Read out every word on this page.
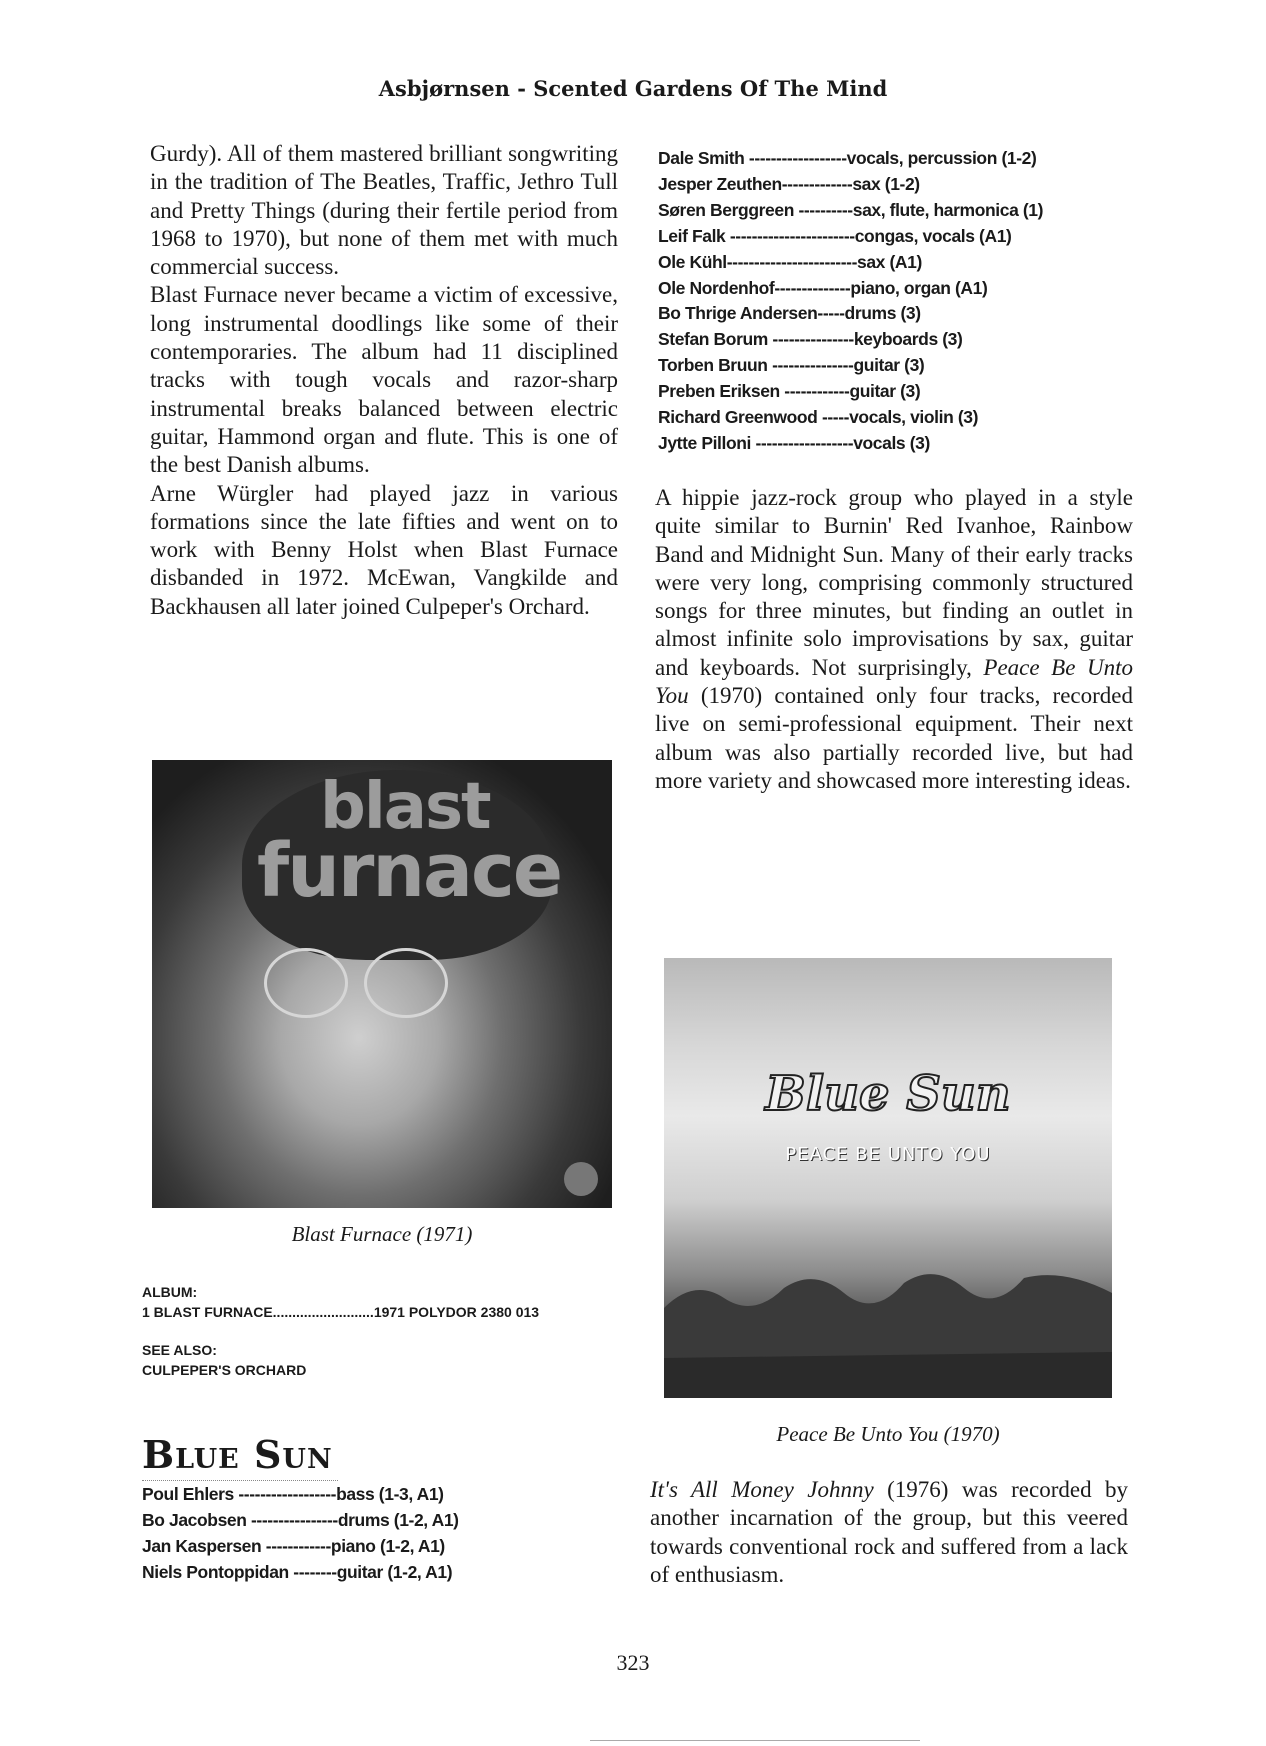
Asbjørnsen - Scented Gardens Of The Mind

Gurdy). All of them mastered brilliant songwriting in the tradition of The Beatles, Traffic, Jethro Tull and Pretty Things (during their fertile period from 1968 to 1970), but none of them met with much commercial success.

Blast Furnace never became a victim of excessive, long instrumental doodlings like some of their contemporaries. The album had 11 disciplined tracks with tough vocals and razor-sharp instrumental breaks balanced between electric guitar, Hammond organ and flute. This is one of the best Danish albums.

Arne Würgler had played jazz in various formations since the late fifties and went on to work with Benny Holst when Blast Furnace disbanded in 1972. McEwan, Vangkilde and Backhausen all later joined Culpeper's Orchard.

blast
furnace
Blast Furnace (1971)
ALBUM:
1 BLAST FURNACE..........................1971 POLYDOR 2380 013
SEE ALSO:
CULPEPER'S ORCHARD
Blue Sun
Poul Ehlers ------------------bass (1-3, A1)
Bo Jacobsen ----------------drums (1-2, A1)
Jan Kaspersen ------------piano (1-2, A1)
Niels Pontoppidan --------guitar (1-2, A1)
Dale Smith ------------------vocals, percussion (1-2)
Jesper Zeuthen-------------sax (1-2)
Søren Berggreen ----------sax, flute, harmonica (1)
Leif Falk -----------------------congas, vocals (A1)
Ole Kühl------------------------sax (A1)
Ole Nordenhof--------------piano, organ (A1)
Bo Thrige Andersen-----drums (3)
Stefan Borum ---------------keyboards (3)
Torben Bruun ---------------guitar (3)
Preben Eriksen ------------guitar (3)
Richard Greenwood -----vocals, violin (3)
Jytte Pilloni ------------------vocals (3)

A hippie jazz-rock group who played in a style quite similar to Burnin' Red Ivanhoe, Rainbow Band and Midnight Sun. Many of their early tracks were very long, comprising commonly structured songs for three minutes, but finding an outlet in almost infinite solo improvisations by sax, guitar and keyboards. Not surprisingly, Peace Be Unto You (1970) contained only four tracks, recorded live on semi-professional equipment. Their next album was also partially recorded live, but had more variety and showcased more interesting ideas.

Blue Sun
PEACE BE UNTO YOU
Peace Be Unto You (1970)

It's All Money Johnny (1976) was recorded by another incarnation of the group, but this veered towards conventional rock and suffered from a lack of enthusiasm.

323
